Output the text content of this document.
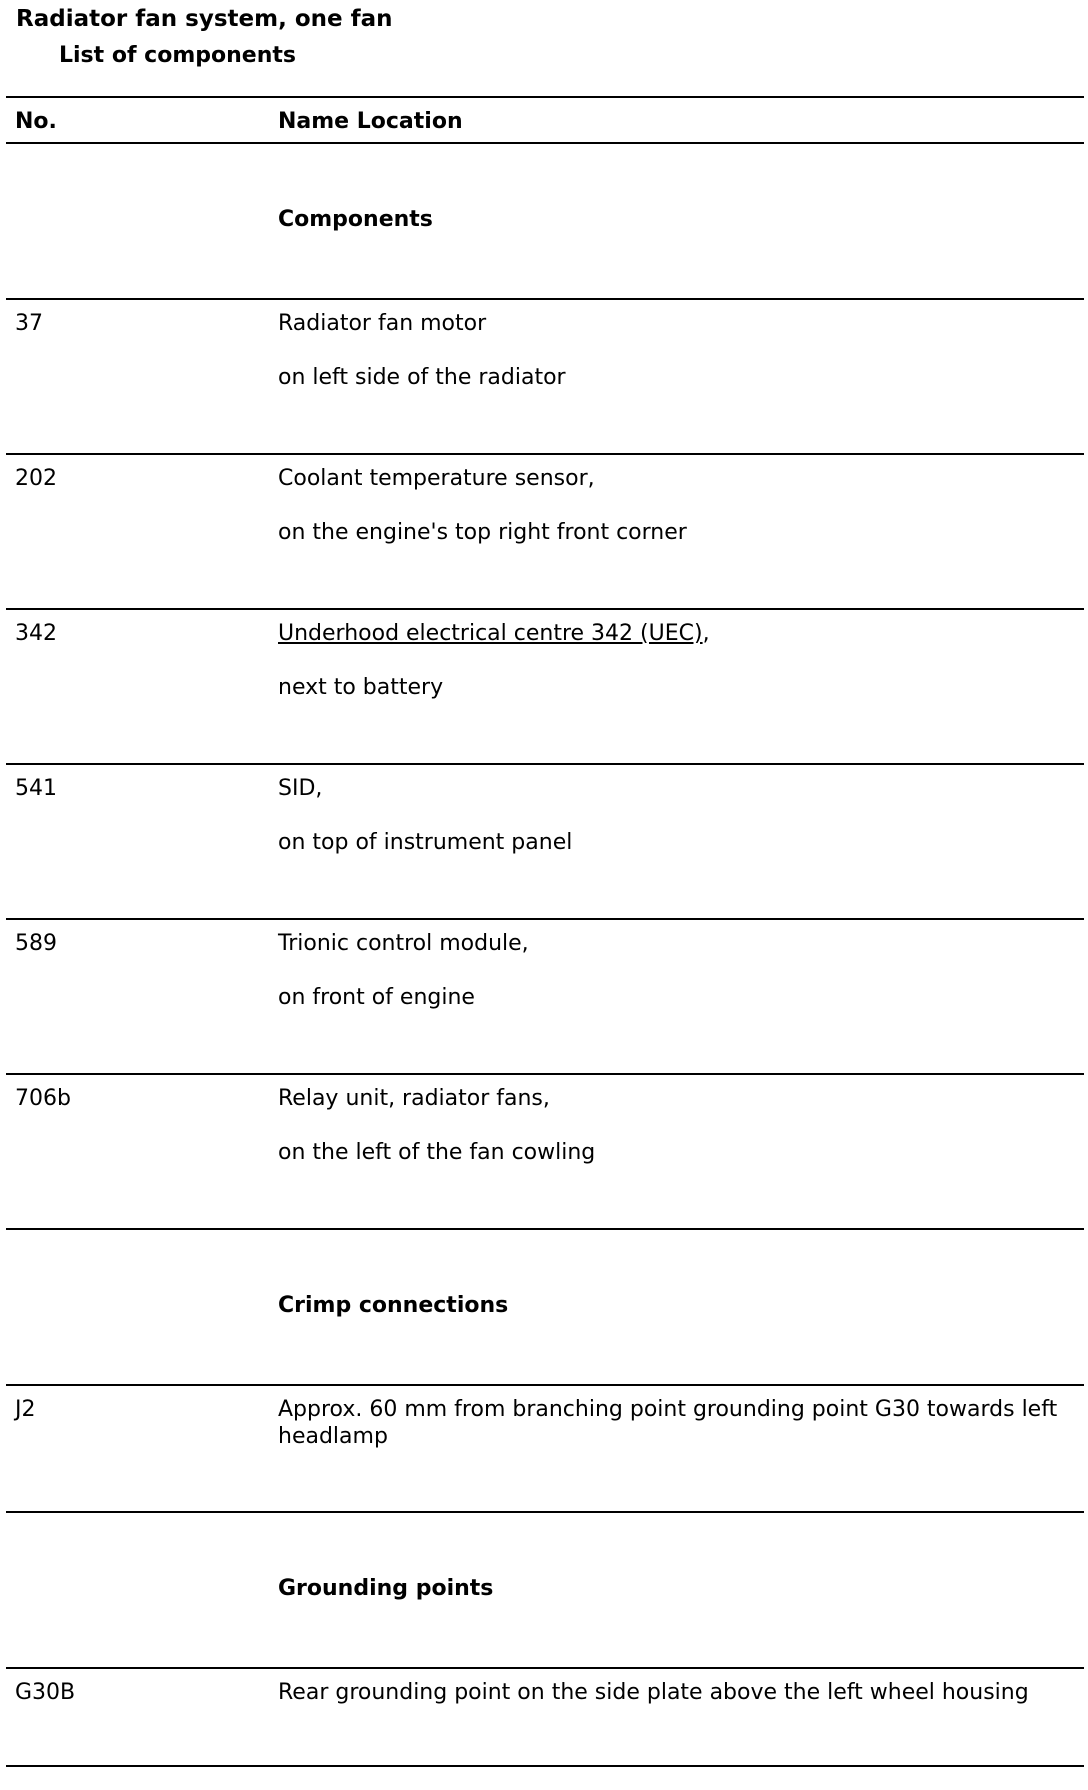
Radiator fan system, one fan
List of components
No.	Name Location
Components
37	Radiator fan motor
on left side of the radiator
202	Coolant temperature sensor,
on the engine's top right front corner
342	Underhood electrical centre 342 (UEC),
next to battery
541	SID,
on top of instrument panel
589	Trionic control module,
on front of engine
706b	Relay unit, radiator fans,
on the left of the fan cowling
Crimp connections
J2	Approx. 60 mm from branching point grounding point G30 towards left headlamp
Grounding points
G30B	Rear grounding point on the side plate above the left wheel housing
